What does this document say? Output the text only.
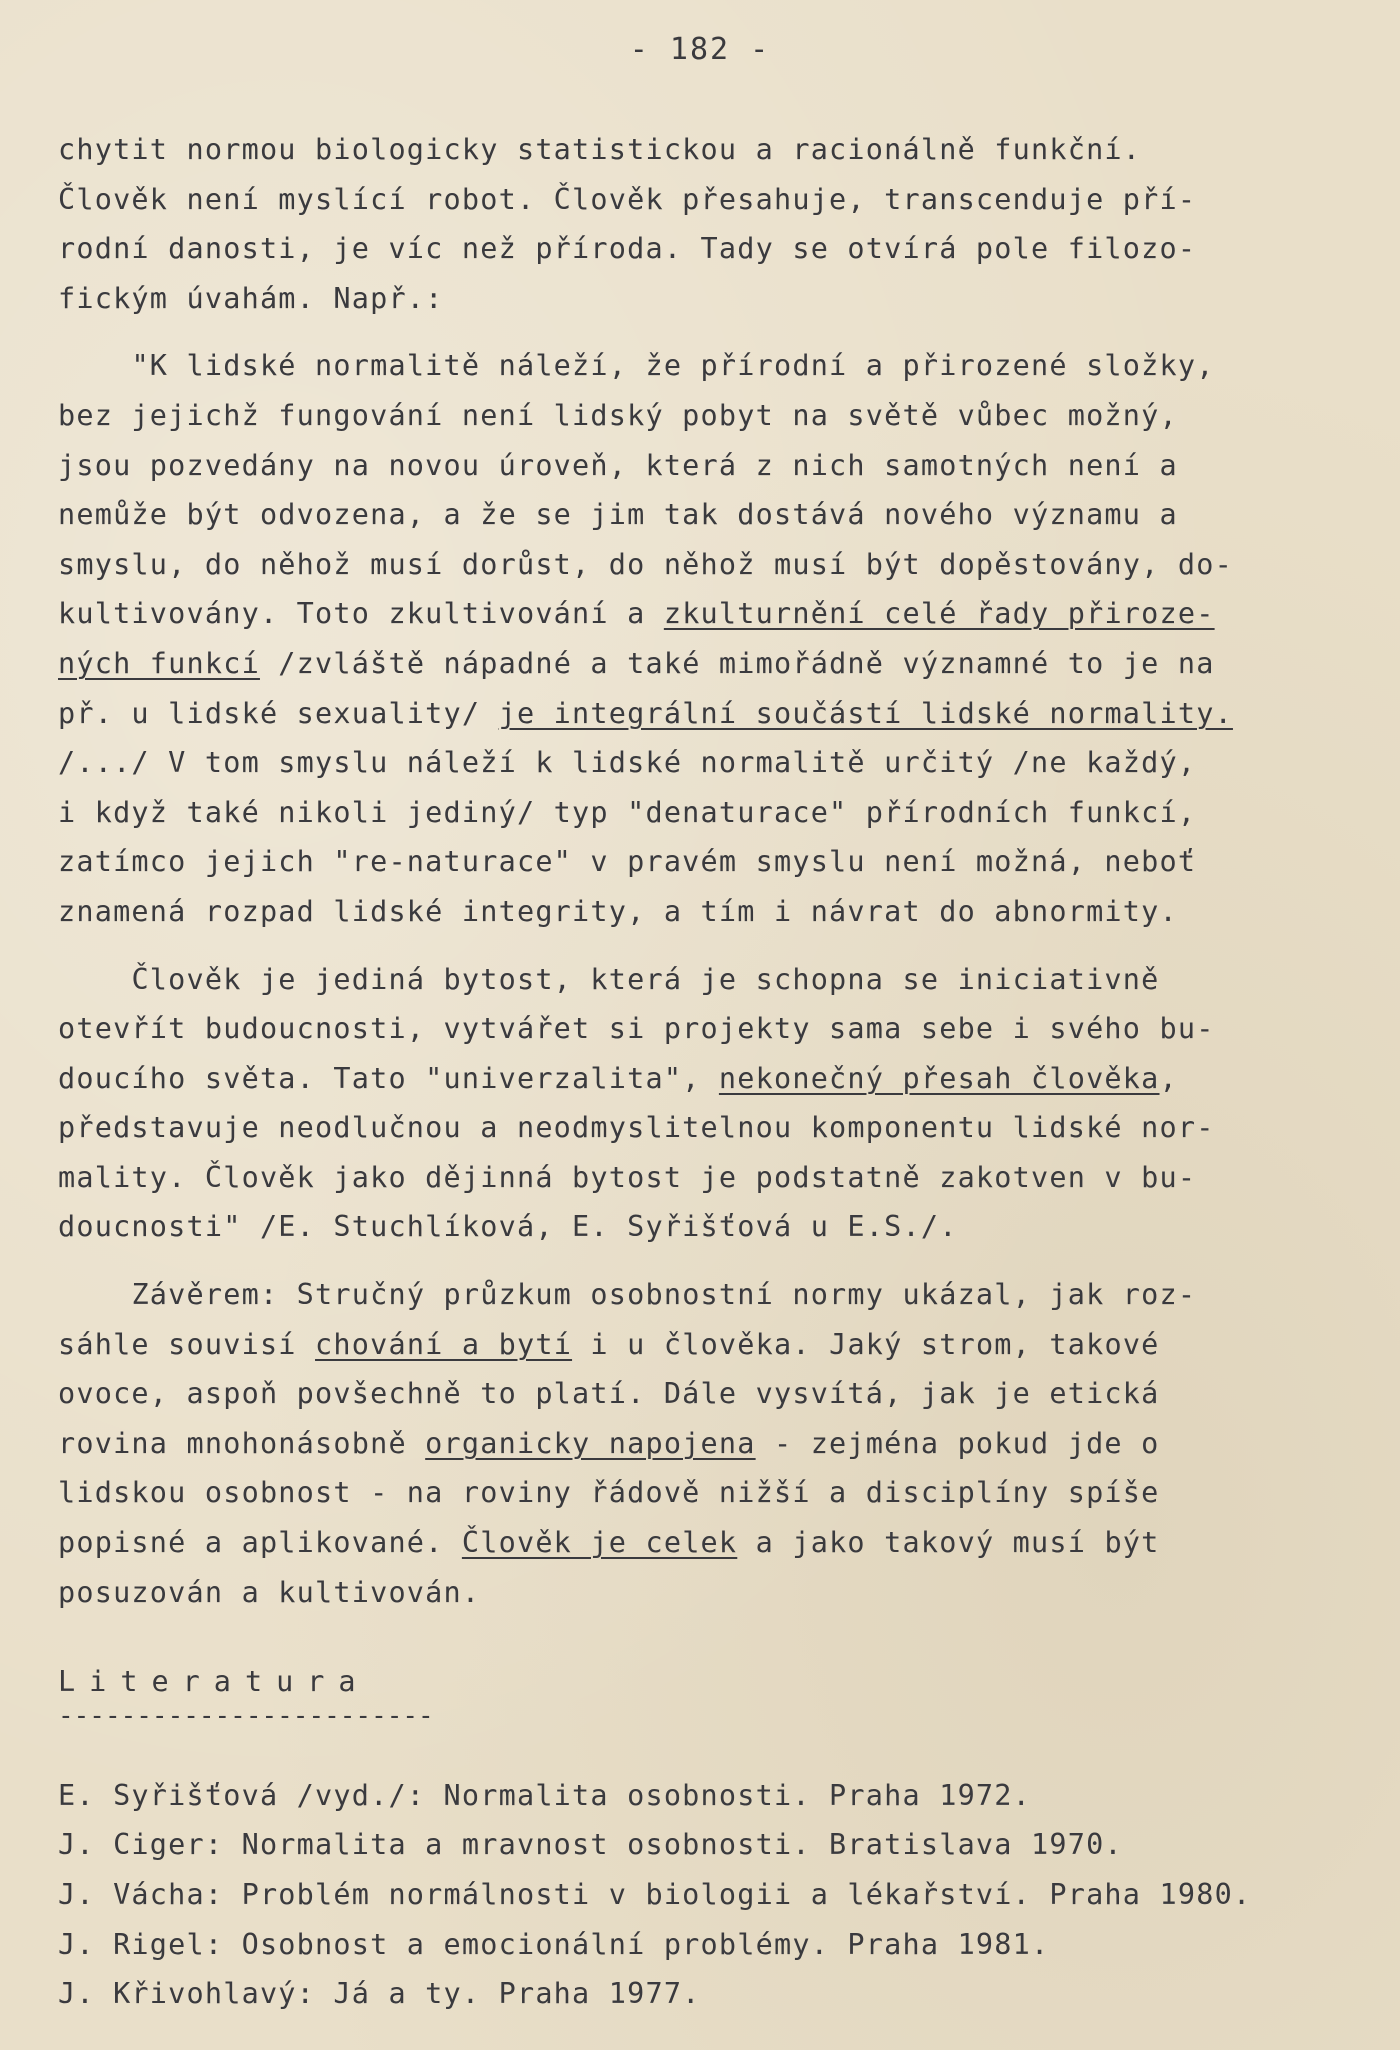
- 182 -
chytit normou biologicky statistickou a racionálně funkční.
Člověk není myslící robot. Člověk přesahuje, transcenduje pří-
rodní danosti, je víc než příroda. Tady se otvírá pole filozo-
fickým úvahám. Např.:
"K lidské normalitě náleží, že přírodní a přirozené složky,
bez jejichž fungování není lidský pobyt na světě vůbec možný,
jsou pozvedány na novou úroveň, která z nich samotných není a
nemůže být odvozena, a že se jim tak dostává nového významu a
smyslu, do něhož musí dorůst, do něhož musí být dopěstovány, do-
kultivovány. Toto zkultivování a zkulturnění celé řady přiroze-
ných funkcí /zvláště nápadné a také mimořádně významné to je na
př. u lidské sexuality/ je integrální součástí lidské normality.
/.../ V tom smyslu náleží k lidské normalitě určitý /ne každý,
i když také nikoli jediný/ typ "denaturace" přírodních funkcí,
zatímco jejich "re-naturace" v pravém smyslu není možná, neboť
znamená rozpad lidské integrity, a tím i návrat do abnormity.
Člověk je jediná bytost, která je schopna se iniciativně
otevřít budoucnosti, vytvářet si projekty sama sebe i svého bu-
doucího světa. Tato "univerzalita", nekonečný přesah člověka,
představuje neodlučnou a neodmyslitelnou komponentu lidské nor-
mality. Člověk jako dějinná bytost je podstatně zakotven v bu-
doucnosti" /E. Stuchlíková, E. Syřišťová u E.S./.
Závěrem: Stručný průzkum osobnostní normy ukázal, jak roz-
sáhle souvisí chování a bytí i u člověka. Jaký strom, takové
ovoce, aspoň povšechně to platí. Dále vysvítá, jak je etická
rovina mnohonásobně organicky napojena - zejména pokud jde o
lidskou osobnost - na roviny řádově nižší a disciplíny spíše
popisné a aplikované. Člověk je celek a jako takový musí být
posuzován a kultivován.
Literatura
------------------------
E. Syřišťová /vyd./: Normalita osobnosti. Praha 1972.
J. Ciger: Normalita a mravnost osobnosti. Bratislava 1970.
J. Vácha: Problém normálnosti v biologii a lékařství. Praha 1980.
J. Rigel: Osobnost a emocionální problémy. Praha 1981.
J. Křivohlavý: Já a ty. Praha 1977.
